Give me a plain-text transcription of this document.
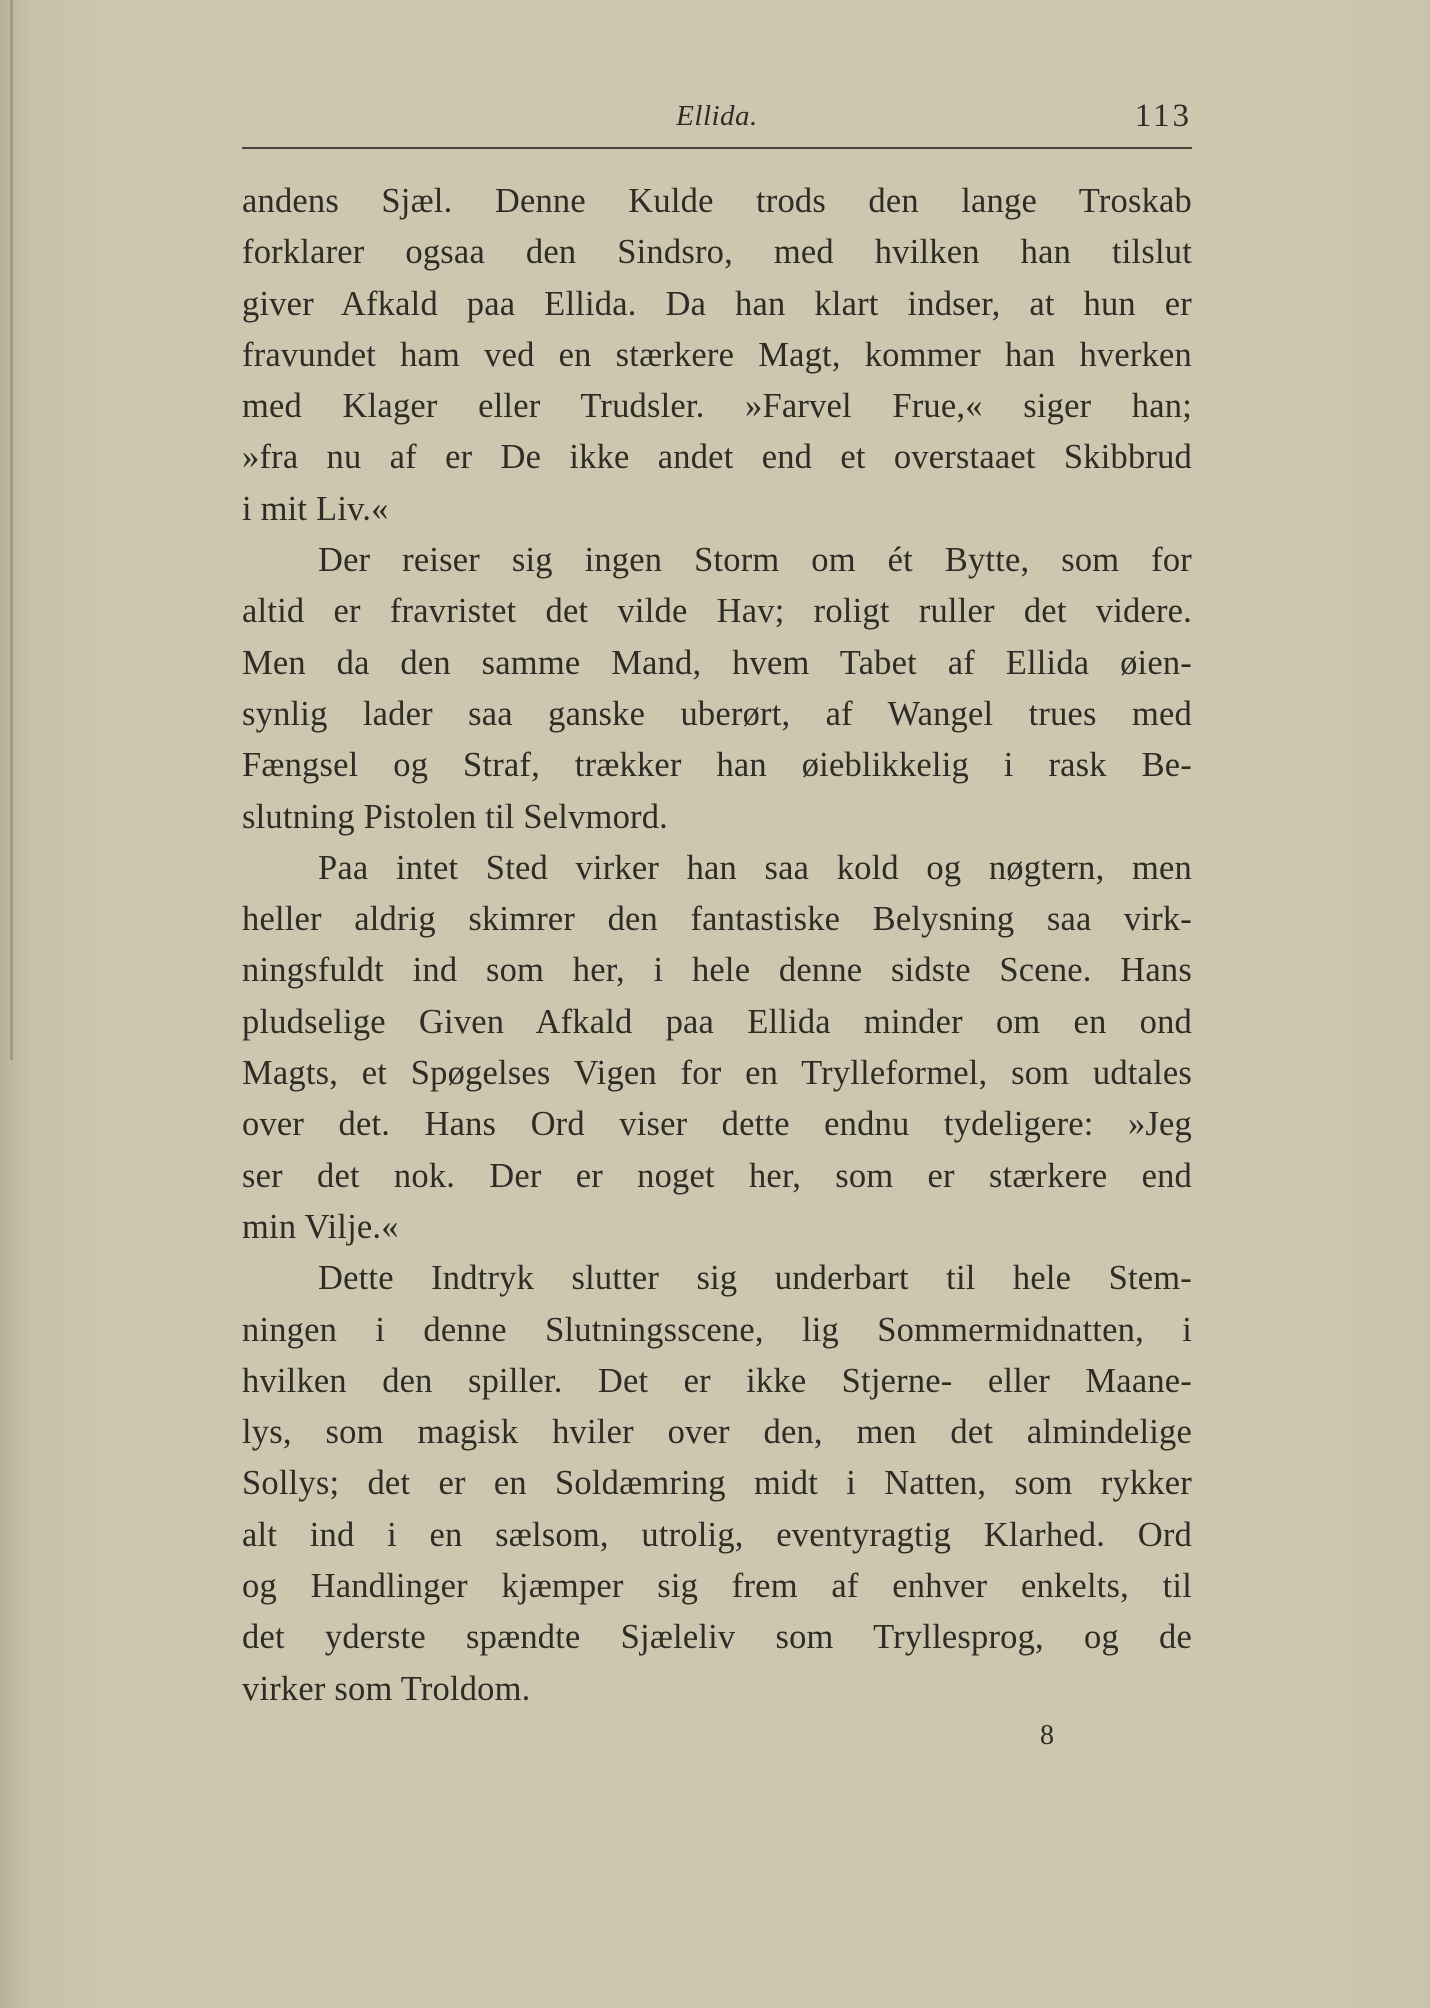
Ellida.	113
andens Sjæl. Denne Kulde trods den lange Troskab
forklarer ogsaa den Sindsro, med hvilken han tilslut
giver Afkald paa Ellida. Da han klart indser, at hun er
fravundet ham ved en stærkere Magt, kommer han hverken
med Klager eller Trudsler. »Farvel Frue,« siger han;
»fra nu af er De ikke andet end et overstaaet Skibbrud
i mit Liv.«
Der reiser sig ingen Storm om ét Bytte, som for
altid er fravristet det vilde Hav; roligt ruller det videre.
Men da den samme Mand, hvem Tabet af Ellida øien-
synlig lader saa ganske uberørt, af Wangel trues med
Fængsel og Straf, trækker han øieblikkelig i rask Be-
slutning Pistolen til Selvmord.
Paa intet Sted virker han saa kold og nøgtern, men
heller aldrig skimrer den fantastiske Belysning saa virk-
ningsfuldt ind som her, i hele denne sidste Scene. Hans
pludselige Given Afkald paa Ellida minder om en ond
Magts, et Spøgelses Vigen for en Trylleformel, som udtales
over det. Hans Ord viser dette endnu tydeligere: »Jeg
ser det nok. Der er noget her, som er stærkere end
min Vilje.«
Dette Indtryk slutter sig underbart til hele Stem-
ningen i denne Slutningsscene, lig Sommermidnatten, i
hvilken den spiller. Det er ikke Stjerne- eller Maane-
lys, som magisk hviler over den, men det almindelige
Sollys; det er en Soldæmring midt i Natten, som rykker
alt ind i en sælsom, utrolig, eventyragtig Klarhed. Ord
og Handlinger kjæmper sig frem af enhver enkelts, til
det yderste spændte Sjæleliv som Tryllesprog, og de
virker som Troldom.
8
